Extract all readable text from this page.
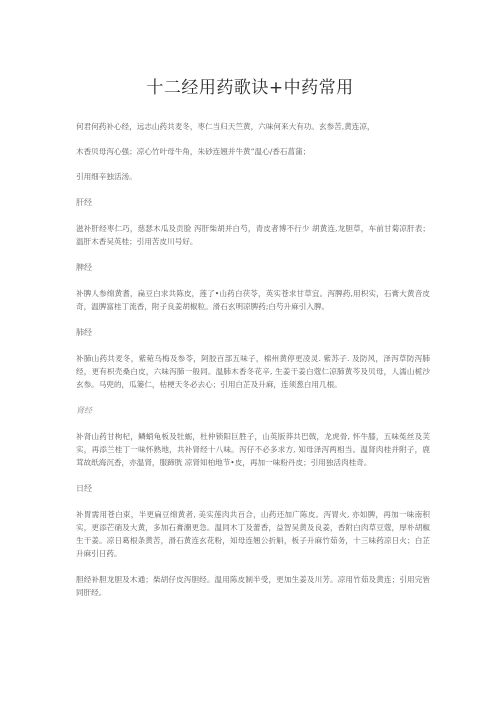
十二经用药歌诀+中药常用

何君何药补心经，远志山药共麦冬，枣仁当归天竺黄，六味何来大有功。玄参苦,黄连凉，

木香贝母泻心强；凉心竹叶母牛角，朱砂连翘并牛黄”温心/香石菖蒲；

引用细辛独活汤。

肝经

滋补肝经枣仁巧，慈瑟木瓜及贡脸 泻肝柴胡并白芍，青皮者博不行少 胡黄连,龙胆草，车前甘菊凉肝表；温肝木香吴英桂；引用苦皮川号好。

脾经

补脾人参绵黄耆，扁豆白求共陈皮，莲了•山药白茯苓，英实苍求甘草宜。泻脾药,用枳实，石膏大黄音皮奇，温脾富桂丁流香，附子良姜胡椒粒。滑石玄明凉脾药;白芍升麻引入脾。

肺经

补肺山药共麦冬，紫菀乌梅及参苓，阿胶百部五味子，棉州黄停更凌灵. 紫苏子. 及防风，泽泻草防泻肺经，更有枳壳桑白皮，六味泻肺一般同。温肺木香冬花辛, 生姜干姜白蔻仁凉肺黄芩及贝母，人濡山栀沙玄参。马兜的，瓜篓仁，枯梗天冬必去心；引用白芷及升麻，连须葱白用几根。

肾经

补肾山药甘枸杞，鳞蛸龟板及牡蛎，杜仲锁阳巨胜子，山英版莽共巴戟，龙虎骨, 怀牛膝，五味菟丝及芙实，再添兰桂丁一味怀熟地，共补肾经十八味。泻仔不必多求方, 知母泽泻两相当。温肾肉桂并附子，鹿茸故纸海沉香，亦温肾，服蹄胱 凉肾知柏地节•皮，再加一味粉丹皮；引用独活肉桂奇。

日经

补胃需用苍白束，半更扁豆绵黄者, 美实莲肉共百合，山药还加广陈皮。泻胃火, 亦如脾，再加一味南积实，更添芒硝及大黄，多加石膏潮更急。温同木丁及蕾香，益智吴黄及良姜，香附白肉草豆蔻，厚朴胡椒生干姜。凉日葛根条黄苦，滑石黄连玄花粉，知母连翘公折斛，板子升麻竹茹务，十三味药凉日火；白芷升麻引日药。

胆经补胆龙胆及木通；柴胡仔皮泻胆经。温用陈皮制半受，更加生姜及川芳。凉用竹茹及黄连；引用完皆同肝经。
